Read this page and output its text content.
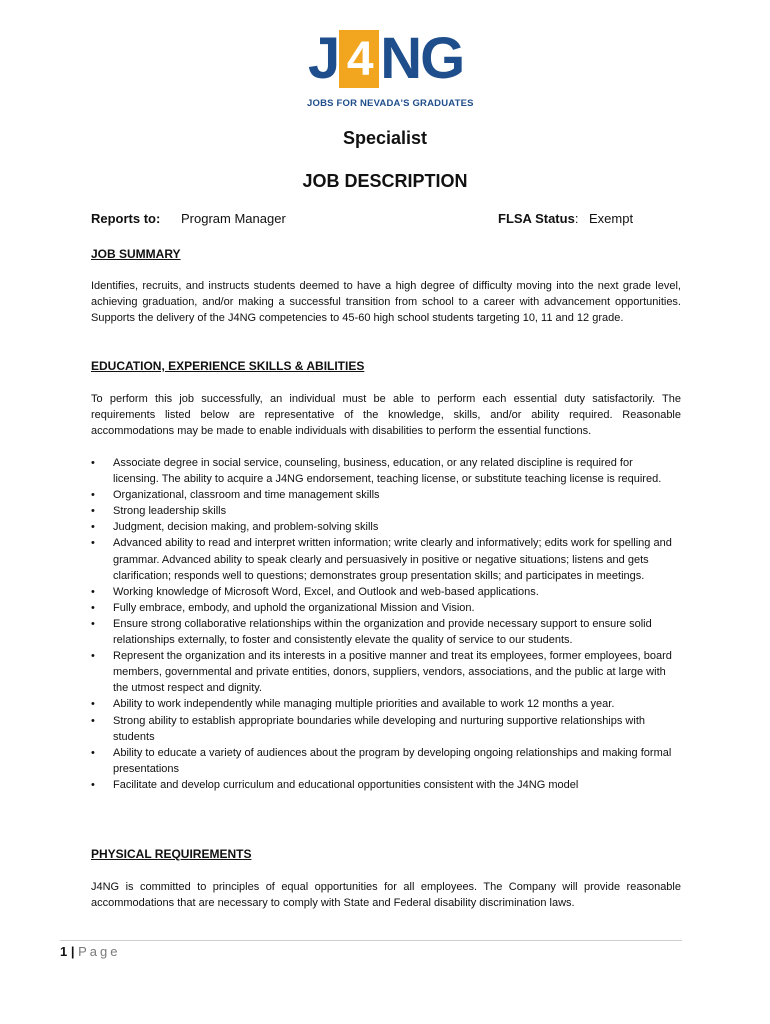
J 4 NG
JOBS FOR NEVADA'S GRADUATES
Specialist
JOB DESCRIPTION
Reports to: Program Manager	FLSA Status: Exempt
JOB SUMMARY
Identifies, recruits, and instructs students deemed to have a high degree of difficulty moving into the next grade level, achieving graduation, and/or making a successful transition from school to a career with advancement opportunities. Supports the delivery of the J4NG competencies to 45-60 high school students targeting 10, 11 and 12 grade.
EDUCATION, EXPERIENCE SKILLS & ABILITIES
To perform this job successfully, an individual must be able to perform each essential duty satisfactorily. The requirements listed below are representative of the knowledge, skills, and/or ability required. Reasonable accommodations may be made to enable individuals with disabilities to perform the essential functions.
• Associate degree in social service, counseling, business, education, or any related discipline is required for licensing. The ability to acquire a J4NG endorsement, teaching license, or substitute teaching license is required.
• Organizational, classroom and time management skills
• Strong leadership skills
• Judgment, decision making, and problem-solving skills
• Advanced ability to read and interpret written information; write clearly and informatively; edits work for spelling and grammar. Advanced ability to speak clearly and persuasively in positive or negative situations; listens and gets clarification; responds well to questions; demonstrates group presentation skills; and participates in meetings.
• Working knowledge of Microsoft Word, Excel, and Outlook and web-based applications.
• Fully embrace, embody, and uphold the organizational Mission and Vision.
• Ensure strong collaborative relationships within the organization and provide necessary support to ensure solid relationships externally, to foster and consistently elevate the quality of service to our students.
• Represent the organization and its interests in a positive manner and treat its employees, former employees, board members, governmental and private entities, donors, suppliers, vendors, associations, and the public at large with the utmost respect and dignity.
• Ability to work independently while managing multiple priorities and available to work 12 months a year.
• Strong ability to establish appropriate boundaries while developing and nurturing supportive relationships with students
• Ability to educate a variety of audiences about the program by developing ongoing relationships and making formal presentations
• Facilitate and develop curriculum and educational opportunities consistent with the J4NG model
PHYSICAL REQUIREMENTS
J4NG is committed to principles of equal opportunities for all employees. The Company will provide reasonable accommodations that are necessary to comply with State and Federal disability discrimination laws.
1 | Page
